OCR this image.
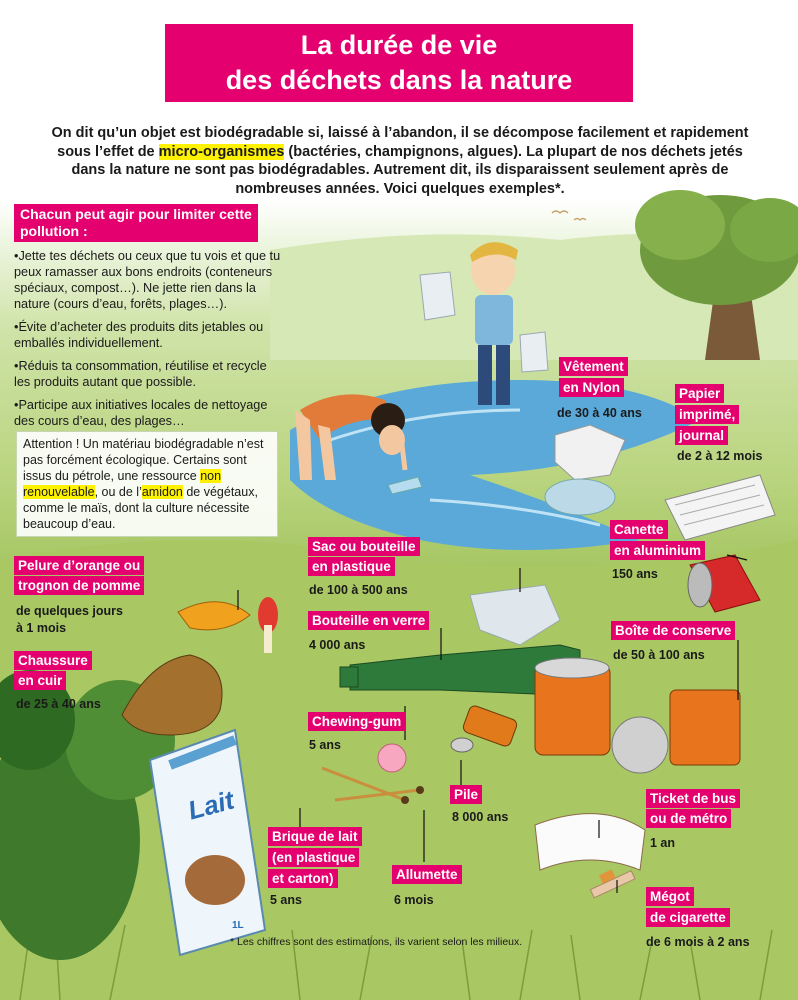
La durée de vie
des déchets dans la nature
On dit qu’un objet est biodégradable si, laissé à l’abandon, il se décompose facilement et rapidement sous l’effet de micro-organismes (bactéries, champignons, algues). La plupart de nos déchets jetés dans la nature ne sont pas biodégradables. Autrement dit, ils disparaissent seulement après de nombreuses années. Voici quelques exemples*.
Chacun peut agir pour limiter cette pollution :
• Jette tes déchets ou ceux que tu vois et que tu peux ramasser aux bons endroits (conteneurs spéciaux, compost…). Ne jette rien dans la nature (cours d’eau, forêts, plages…).
• Évite d’acheter des produits dits jetables ou emballés individuellement.
• Réduis ta consommation, réutilise et recycle les produits autant que possible.
• Participe aux initiatives locales de nettoyage des cours d’eau, des plages…
Attention ! Un matériau biodégradable n’est pas forcément écologique. Certains sont issus du pétrole, une ressource non renouvelable, ou de l’amidon de végétaux, comme le maïs, dont la culture nécessite beaucoup d’eau.
Vêtement
en Nylon
de 30 à 40 ans
Papier
imprimé,
journal
de 2 à 12 mois
Canette
en aluminium
150 ans
Sac ou bouteille
en plastique
de 100 à 500 ans
Pelure d’orange ou
trognon de pomme
de quelques jours
à 1 mois	Bouteille en verre
4 000 ans
Boîte de conserve
de 50 à 100 ans
Chaussure
en cuir
de 25 à 40 ans
Chewing-gum
5 ans
Pile
8 000 ans
Ticket de bus
ou de métro
1 an
Brique de lait
(en plastique
et carton)
5 ans
Allumette
6 mois	Mégot
de cigarette
de 6 mois à 2 ans
Lait
1L
* Les chiffres sont des estimations, ils varient selon les milieux.
